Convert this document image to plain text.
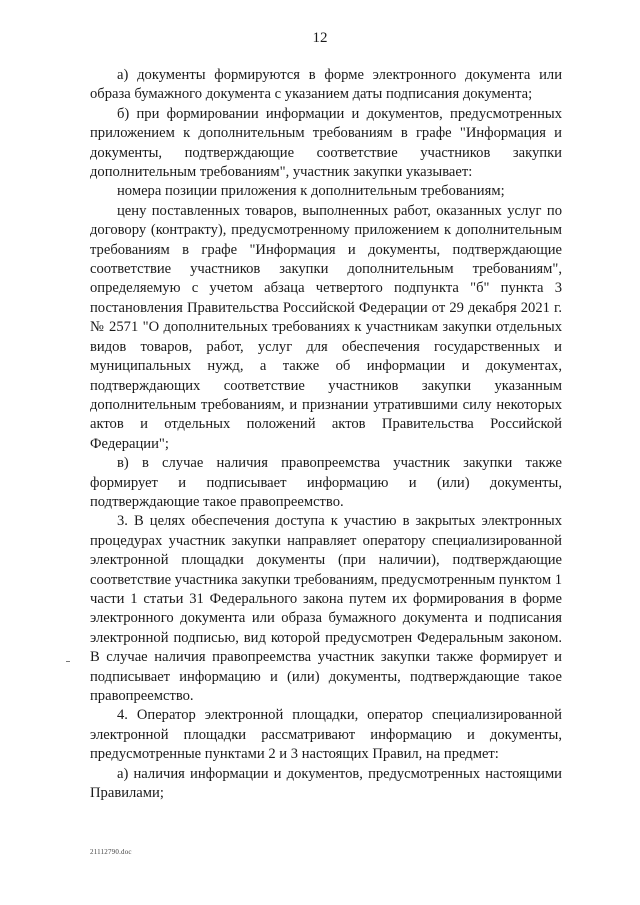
12

а) документы формируются в форме электронного документа или образа бумажного документа с указанием даты подписания документа;

б) при формировании информации и документов, предусмотренных приложением к дополнительным требованиям в графе "Информация и документы, подтверждающие соответствие участников закупки дополнительным требованиям", участник закупки указывает:

номера позиции приложения к дополнительным требованиям;

цену поставленных товаров, выполненных работ, оказанных услуг по договору (контракту), предусмотренному приложением к дополнительным требованиям в графе "Информация и документы, подтверждающие соответствие участников закупки дополнительным требованиям", определяемую с учетом абзаца четвертого подпункта "б" пункта 3 постановления Правительства Российской Федерации от 29 декабря 2021 г. № 2571 "О дополнительных требованиях к участникам закупки отдельных видов товаров, работ, услуг для обеспечения государственных и муниципальных нужд, а также об информации и документах, подтверждающих соответствие участников закупки указанным дополнительным требованиям, и признании утратившими силу некоторых актов и отдельных положений актов Правительства Российской Федерации";

в) в случае наличия правопреемства участник закупки также формирует и подписывает информацию и (или) документы, подтверждающие такое правопреемство.

3. В целях обеспечения доступа к участию в закрытых электронных процедурах участник закупки направляет оператору специализированной электронной площадки документы (при наличии), подтверждающие соответствие участника закупки требованиям, предусмотренным пунктом 1 части 1 статьи 31 Федерального закона путем их формирования в форме электронного документа или образа бумажного документа и подписания электронной подписью, вид которой предусмотрен Федеральным законом. В случае наличия правопреемства участник закупки также формирует и подписывает информацию и (или) документы, подтверждающие такое правопреемство.

4. Оператор электронной площадки, оператор специализированной электронной площадки рассматривают информацию и документы, предусмотренные пунктами 2 и 3 настоящих Правил, на предмет:

а) наличия информации и документов, предусмотренных настоящими Правилами;

21112790.doc
